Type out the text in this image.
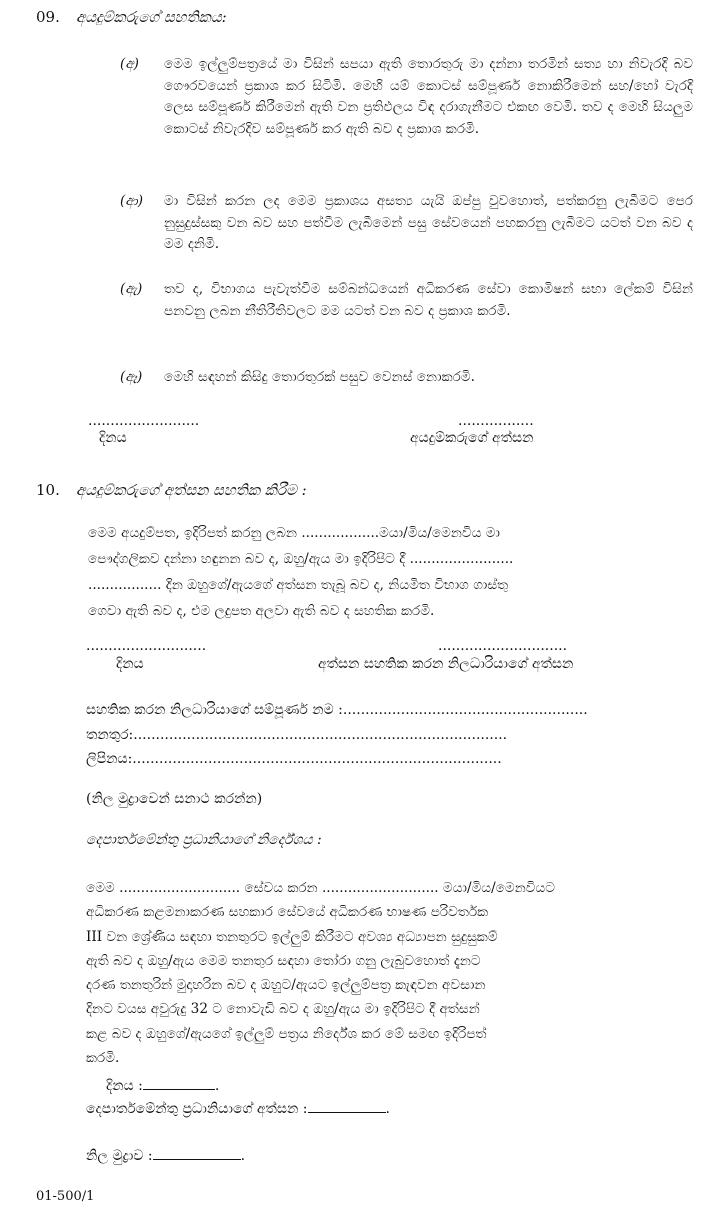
09. අයදුම්කරුගේ සහතිකය:
(අ) මෙම ඉල්ලුම්පත්‍රයේ මා විසින් සපයා ඇති තොරතුරු මා දන්නා තරමින් සත්‍ය හා නිවැරදි බව ගෞරවයෙන් ප්‍රකාශ කර සිටිමි. මෙහි යම් කොටස් සම්පූර්ණ නොකිරීමෙන් සහ/හෝ වැරදි ලෙස සම්පූර්ණ කිරීමෙන් ඇති වන ප්‍රතිඵලය විඳ දරාගැනීමට එකඟ වෙමි. තව ද මෙහි සියලුම කොටස් නිවැරදිව සම්පූර්ණ කර ඇති බව ද ප්‍රකාශ කරමි.
(ආ) මා විසින් කරන ලද මෙම ප්‍රකාශය අසත්‍ය යැයි ඔප්පු වුවහොත්, පත්කරනු ලැබීමට පෙර නුසුදුස්සකු වන බව සහ පත්වීම ලැබීමෙන් පසු සේවයෙන් පහකරනු ලැබීමට යටත් වන බව ද මම දනිමි.
(ඇ) තව ද, විභාගය පැවැත්වීම සම්බන්ධයෙන් අධිකරණ සේවා කොමිෂන් සභා ලේකම් විසින් පනවනු ලබන නීතිරීතිවලට මම යටත් වන බව ද ප්‍රකාශ කරමි.
(ඈ) මෙහි සඳහන් කිසිදු තොරතුරක් පසුව වෙනස් නොකරමි.
.........................	.................
දිනය	අයදුම්කරුගේ අත්සන
10. අයදුම්කරුගේ අත්සන සහතික කිරීම :
මෙම අයදුම්පත, ඉදිරිපත් කරනු ලබන ..................මයා/මිය/මෙනවිය මා
පෞද්ගලිකව දන්නා හඳුනන බව ද, ඔහු/ඇය මා ඉදිරිපිට දී ........................
................. දින ඔහුගේ/ඇයගේ අත්සන තැබූ බව ද, නියමිත විභාග ගාස්තු
ගෙවා ඇති බව ද, එම ලදුපත අලවා ඇති බව ද සහතික කරමි.
...........................	.............................
දිනය	අත්සන සහතික කරන නිලධාරියාගේ අත්සන
සහතික කරන නිලධාරියාගේ සම්පූර්ණ නම :.......................................................
තනතුර:....................................................................................
ලිපිනය:...................................................................................
(නිල මුද්‍රාවෙන් සනාථ කරන්න)
දෙපාර්තමේන්තු ප්‍රධානියාගේ නිර්දේශය :
මෙම ............................ සේවය කරන ........................... මයා/මිය/මෙනවියට
අධිකරණ කළමනාකරණ සහකාර සේවයේ අධිකරණ භාෂණ පරිවර්තක
III වන ශ්‍රේණිය සඳහා තනතුරට ඉල්ලුම් කිරීමට අවශ්‍ය අධ්‍යාපන සුදුසුකම්
ඇති බව ද ඔහු/ඇය මෙම තනතුර සඳහා තෝරා ගනු ලැබුවහොත් දැනට
දරණ තනතුරින් මුදාහරින බව ද ඔහුට/ඇයට ඉල්ලුම්පත්‍ර කැඳවන අවසාන
දිනට වයස අවුරුදු 32 ට නොවැඩි බව ද ඔහු/ඇය මා ඉදිරිපිට දී අත්සන්
කළ බව ද ඔහුගේ/ඇයගේ ඉල්ලුම් පත්‍රය නිර්දේශ කර මේ සමඟ ඉදිරිපත්
කරමි.
දිනය :	.
දෙපාර්තමේන්තු ප්‍රධානියාගේ අත්සන :	.
නිල මුද්‍රාව :	.
01-500/1
